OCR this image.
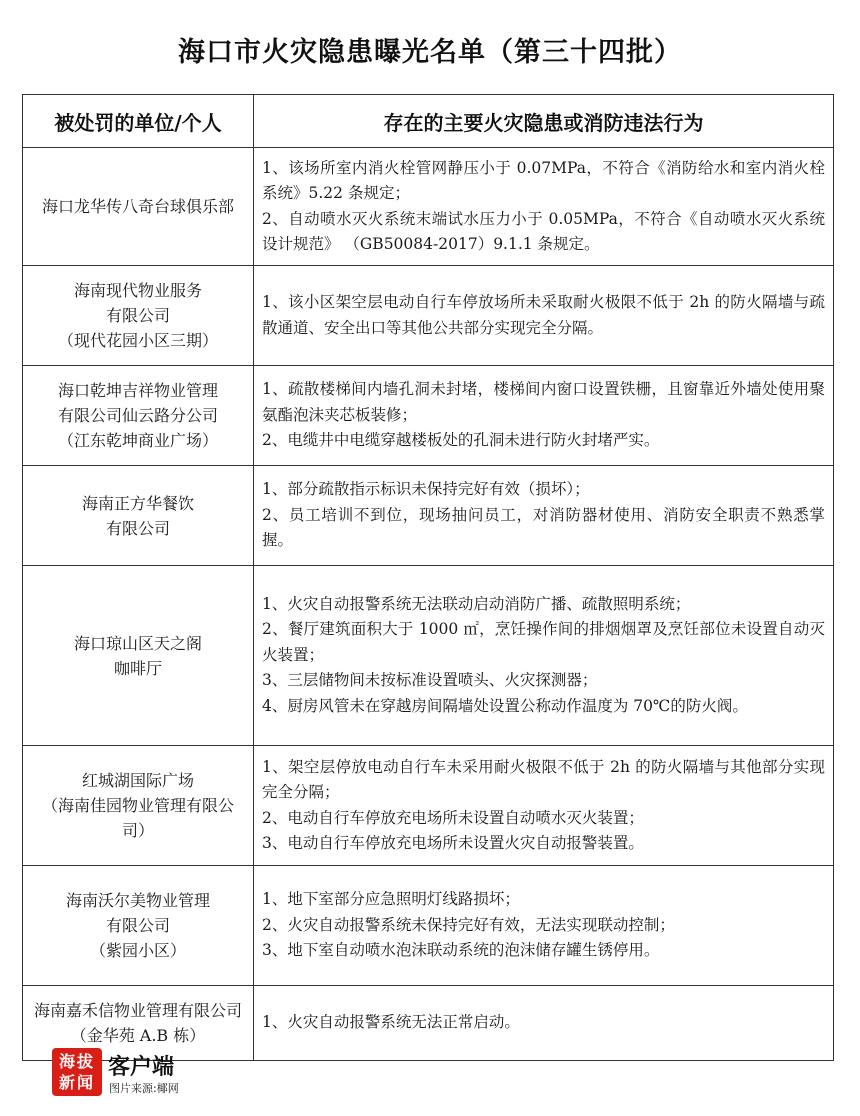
海口市火灾隐患曝光名单（第三十四批）
被处罚的单位/个人	存在的主要火灾隐患或消防违法行为

海口龙华传八奇台球俱乐部	1、该场所室内消火栓管网静压小于 0.07MPa，不符合《消防给水和室内消火栓系统》5.22 条规定；
2、自动喷水灭火系统末端试水压力小于 0.05MPa，不符合《自动喷水灭火系统设计规范》 （GB50084-2017）9.1.1 条规定。

海南现代物业服务
有限公司
（现代花园小区三期）	1、该小区架空层电动自行车停放场所未采取耐火极限不低于 2h 的防火隔墙与疏散通道、安全出口等其他公共部分实现完全分隔。

海口乾坤吉祥物业管理
有限公司仙云路分公司
（江东乾坤商业广场）	1、疏散楼梯间内墙孔洞未封堵，楼梯间内窗口设置铁栅，且窗靠近外墙处使用聚氨酯泡沫夹芯板装修；
2、电缆井中电缆穿越楼板处的孔洞未进行防火封堵严实。

海南正方华餐饮
有限公司	1、部分疏散指示标识未保持完好有效（损坏）；
2、员工培训不到位，现场抽问员工，对消防器材使用、消防安全职责不熟悉掌握。

海口琼山区天之阁
咖啡厅	1、火灾自动报警系统无法联动启动消防广播、疏散照明系统；
2、餐厅建筑面积大于 1000 ㎡，烹饪操作间的排烟烟罩及烹饪部位未设置自动灭火装置；
3、三层储物间未按标准设置喷头、火灾探测器；
4、厨房风管未在穿越房间隔墙处设置公称动作温度为 70℃的防火阀。

红城湖国际广场
（海南佳园物业管理有限公司）	1、架空层停放电动自行车未采用耐火极限不低于 2h 的防火隔墙与其他部分实现完全分隔；
2、电动自行车停放充电场所未设置自动喷水灭火装置；
3、电动自行车停放充电场所未设置火灾自动报警装置。

海南沃尔美物业管理
有限公司
（紫园小区）	1、地下室部分应急照明灯线路损坏；
2、火灾自动报警系统未保持完好有效，无法实现联动控制；
3、地下室自动喷水泡沫联动系统的泡沫储存罐生锈停用。

海南嘉禾信物业管理有限公司（金华苑 A.B 栋）	1、火灾自动报警系统无法正常启动。
海拔
新闻
客户端
图片来源:椰网
